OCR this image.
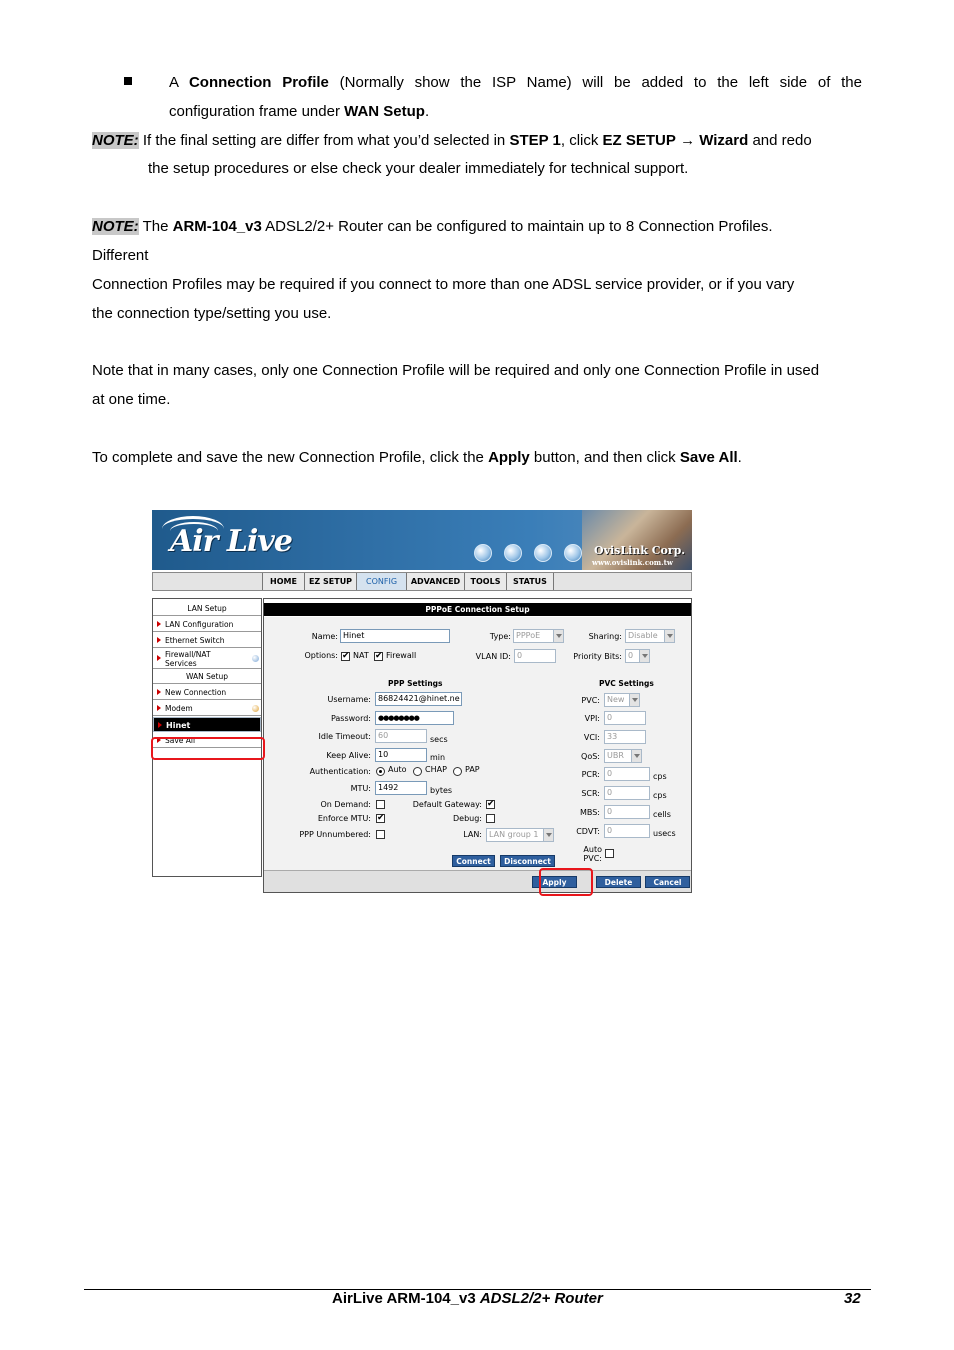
A Connection Profile (Normally show the ISP Name) will be added to the left side of the
configuration frame under WAN Setup.
NOTE: If the final setting are differ from what you’d selected in STEP 1, click EZ SETUP → Wizard and redo
the setup procedures or else check your dealer immediately for technical support.
NOTE: The ARM-104_v3 ADSL2/2+ Router can be configured to maintain up to 8 Connection Profiles.
Different
Connection Profiles may be required if you connect to more than one ADSL service provider, or if you vary
the connection type/setting you use.
Note that in many cases, only one Connection Profile will be required and only one Connection Profile in used
at one time.
To complete and save the new Connection Profile, click the Apply button, and then click Save All.
Air Live	OvisLink Corp.
www.ovislink.com.tw
HOME	EZ SETUP	CONFIG	ADVANCED	TOOLS	STATUS
LAN Setup
LAN Configuration
Ethernet Switch
Firewall/NAT
Services
WAN Setup
New Connection
Modem
Hinet
Save All
PPPoE Connection Setup
Name: Hinet	Type: PPPoE	Sharing: Disable
Options: ✔ NAT ✔ Firewall	VLAN ID: 0	Priority Bits: 0
PPP Settings	PVC Settings
Username: 86824421@hinet.ne
Password:	●●●●●●●●
Idle Timeout: 60	secs
Keep Alive: 10	min
Authentication: Auto CHAP PAP
MTU: 1492	bytes
On Demand:	Default Gateway: ✔
Enforce MTU: ✔	Debug:
PPP Unnumbered:	LAN: LAN group 1
PVC: New
VPI: 0
VCI: 33
QoS: UBR
PCR: 0	cps
SCR: 0	cps
MBS: 0	cells
CDVT: 0	usecs
Auto
PVC:
Connect	Disconnect
Apply	Delete	Cancel
AirLive ARM-104_v3 ADSL2/2+ Router	32
